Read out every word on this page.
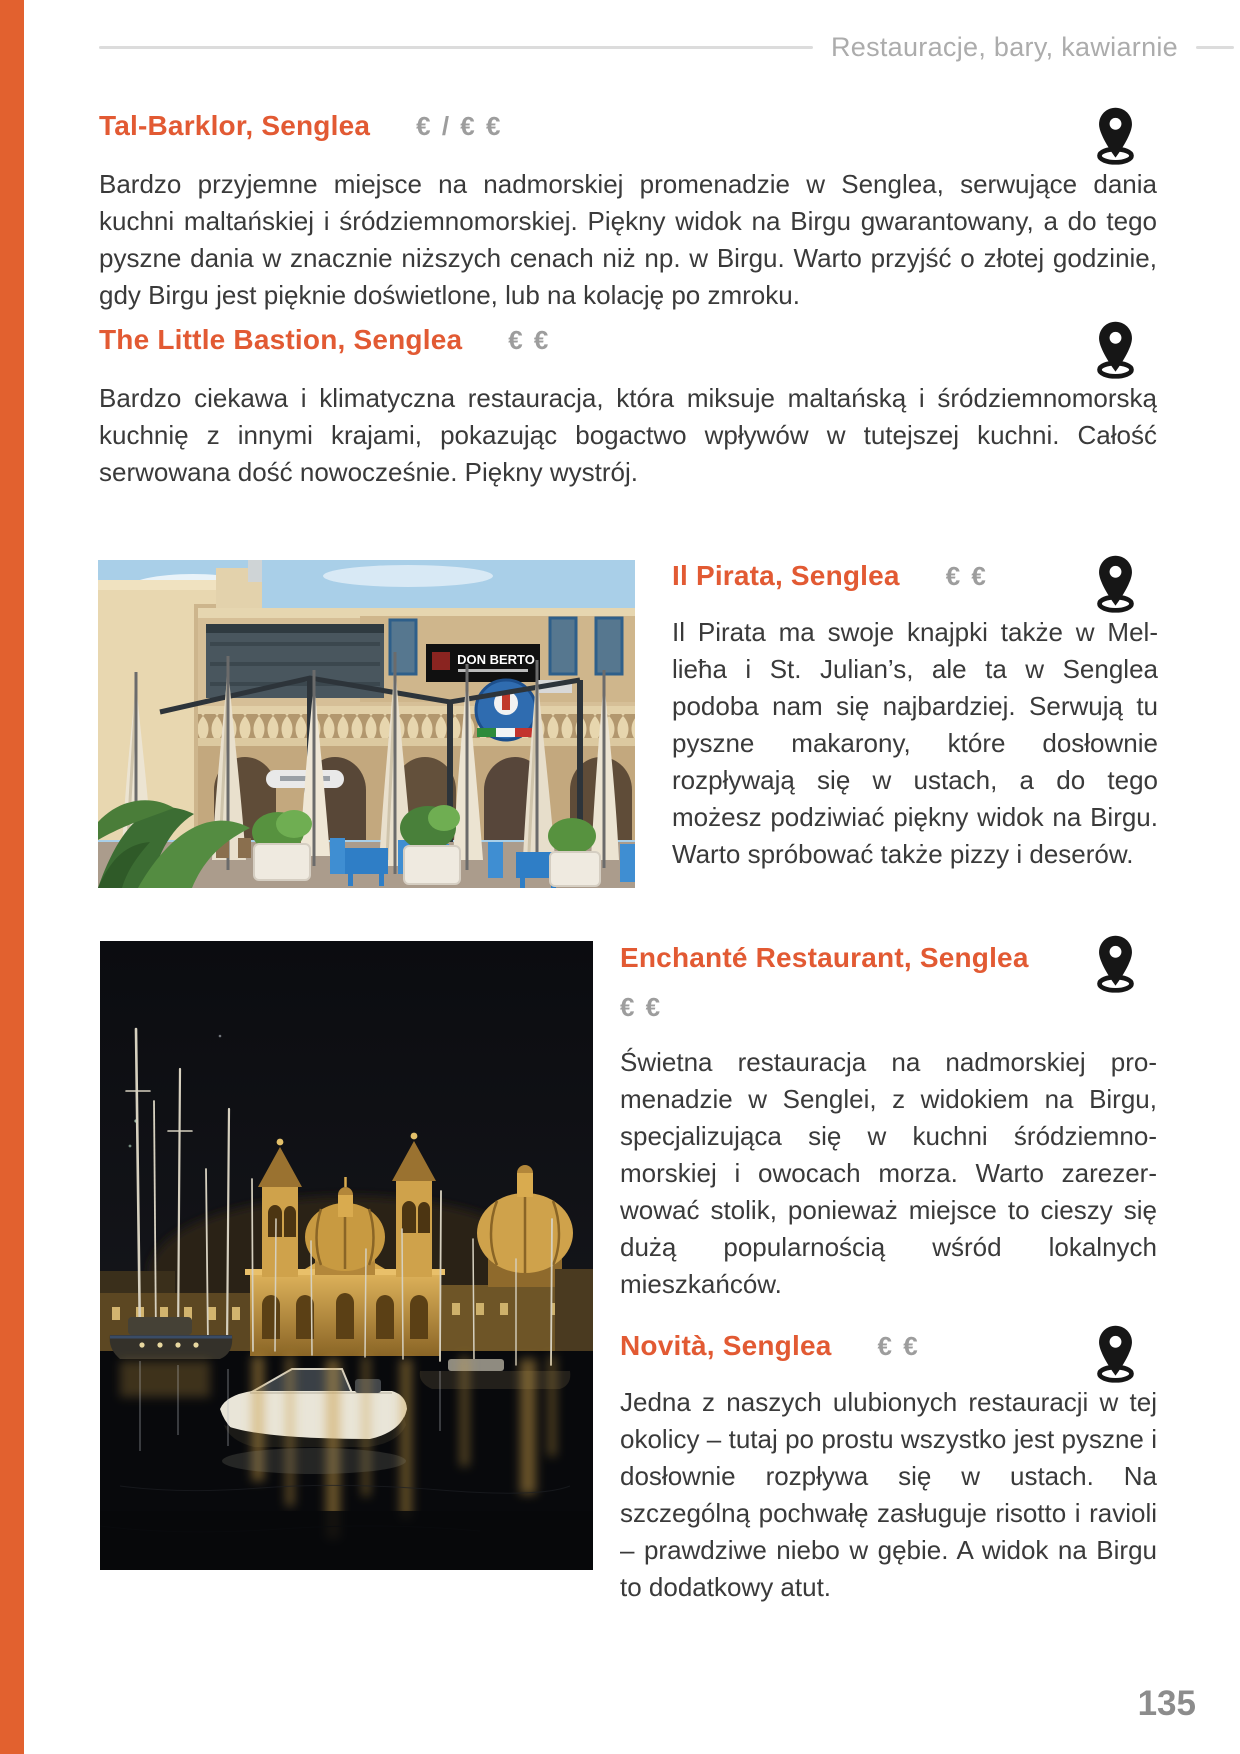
Restauracje, bary, kawiarnie
Tal-Barklor, Senglea € / € €
Bardzo przyjemne miejsce na nadmorskiej promenadzie w Senglea, serwujące dania kuchni maltańskiej i śródziemnomorskiej. Piękny widok na Birgu gwarantowany, a do tego pyszne dania w znacznie niższych cenach niż np. w Birgu. Warto przyjść o złotej godzinie, gdy Birgu jest pięknie doświetlone, lub na kolację po zmroku.
The Little Bastion, Senglea € €
Bardzo ciekawa i klimatyczna restauracja, która miksuje maltańską i śródziemnomorską kuchnię z innymi krajami, pokazując bogactwo wpływów w tutejszej kuchni. Całość serwowana dość nowocześnie. Piękny wystrój.
DON BERTO
Il Pirata, Senglea € €
Il Pirata ma swoje knajpki także w Mellieħa i St. Julian’s, ale ta w Senglea podoba nam się najbardziej. Serwują tu pyszne makarony, które dosłownie rozpływają się w ustach, a do tego możesz podziwiać piękny widok na Birgu. Warto spróbować także pizzy i deserów.
Enchanté Restaurant, Senglea
€ €
Świetna restauracja na nadmorskiej promenadzie w Senglei, z widokiem na Birgu, specjalizująca się w kuchni śródziemnomorskiej i owocach morza. Warto zarezerwować stolik, ponieważ miejsce to cieszy się dużą popularnością wśród lokalnych mieszkańców.
Novità, Senglea € €
Jedna z naszych ulubionych restauracji w tej okolicy – tutaj po prostu wszystko jest pyszne i dosłownie rozpływa się w ustach. Na szczególną pochwałę zasługuje risotto i ravioli – prawdziwe niebo w gębie. A widok na Birgu to dodatkowy atut.
135
